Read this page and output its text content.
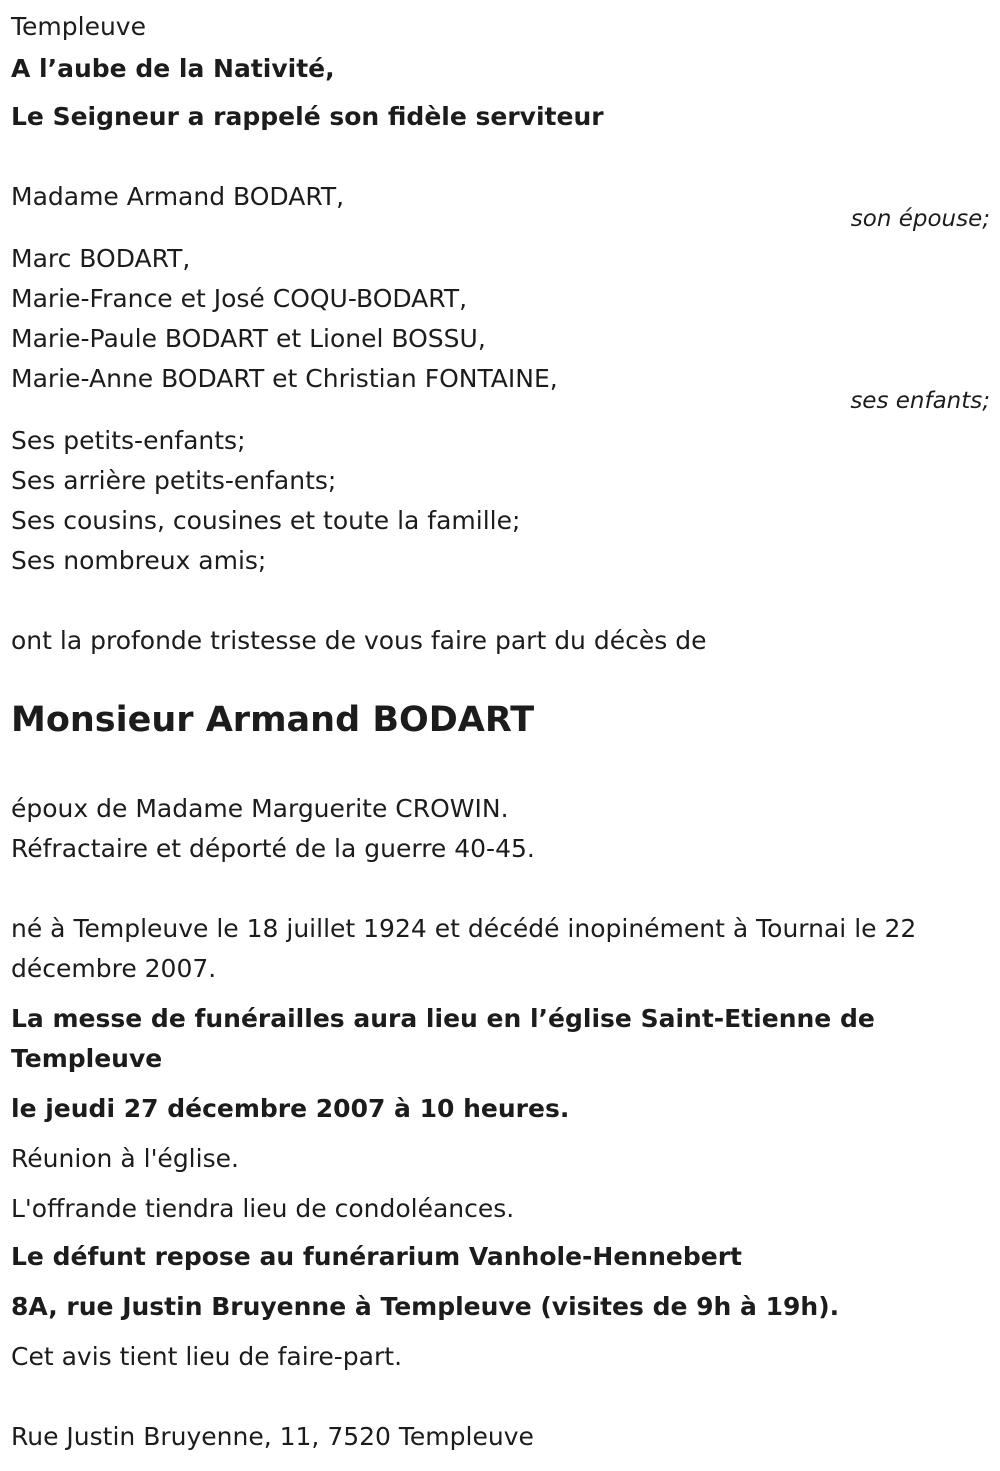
Templeuve
A l’aube de la Nativité,
Le Seigneur a rappelé son fidèle serviteur
Madame Armand BODART,
son épouse;
Marc BODART,
Marie-France et José COQU-BODART,
Marie-Paule BODART et Lionel BOSSU,
Marie-Anne BODART et Christian FONTAINE,
ses enfants;
Ses petits-enfants;
Ses arrière petits-enfants;
Ses cousins, cousines et toute la famille;
Ses nombreux amis;
ont la profonde tristesse de vous faire part du décès de
Monsieur Armand BODART
époux de Madame Marguerite CROWIN.
Réfractaire et déporté de la guerre 40-45.
né à Templeuve le 18 juillet 1924 et décédé inopinément à Tournai le 22
décembre 2007.
La messe de funérailles aura lieu en l’église Saint-Etienne de
Templeuve
le jeudi 27 décembre 2007 à 10 heures.
Réunion à l'église.
L'offrande tiendra lieu de condoléances.
Le défunt repose au funérarium Vanhole-Hennebert
8A, rue Justin Bruyenne à Templeuve (visites de 9h à 19h).
Cet avis tient lieu de faire-part.
Rue Justin Bruyenne, 11, 7520 Templeuve
